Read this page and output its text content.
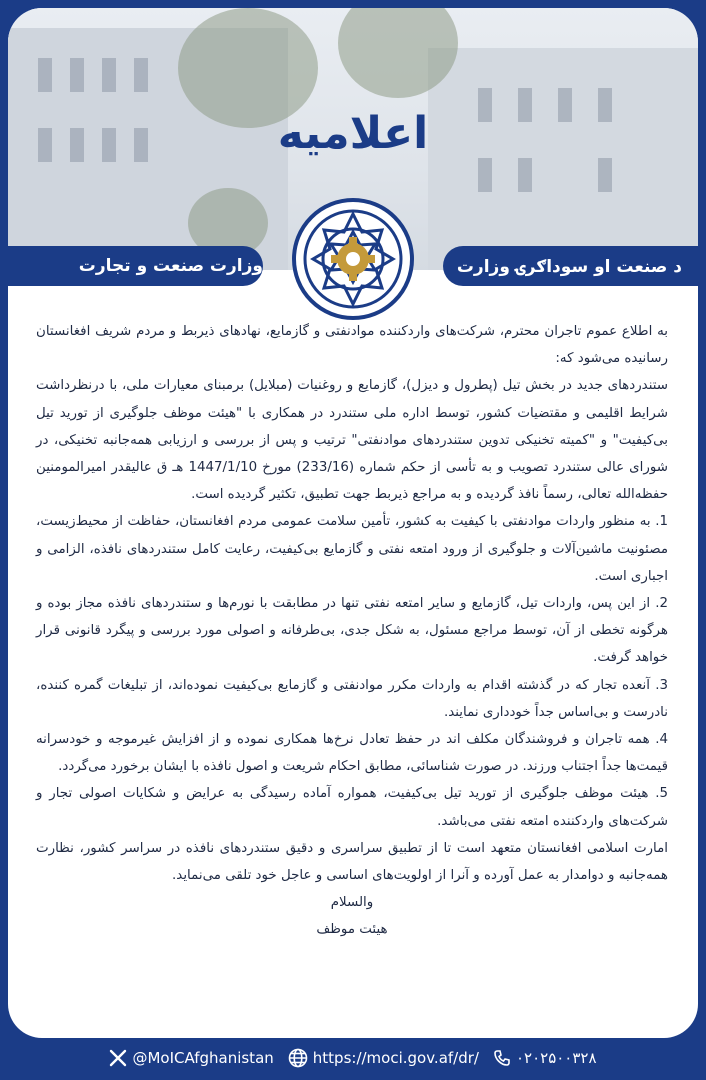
اعلامیه
د صنعت او سوداګرۍ وزارت
وزارت صنعت و تجارت

به اطلاع عموم تاجران محترم، شرکت‌های واردکننده موادنفتی و گازمایع، نهادهای ذیربط و مردم شریف افغانستان رسانیده می‌شود که:

ستندردهای جدید در بخش تیل (پطرول و دیزل)، گازمایع و روغنیات (مبلایل) برمبنای معیارات ملی، با درنظرداشت شرایط اقلیمی و مقتضیات کشور، توسط اداره ملی ستندرد در همکاری با "هیئت موظف جلوگیری از تورید تیل بی‌کیفیت" و "کمیته تخنیکی تدوین ستندردهای موادنفتی" ترتیب و پس از بررسی و ارزیابی همه‌جانبه تخنیکی، در شورای عالی ستندرد تصویب و به تأسی از حکم شماره (233/16) مورخ 1447/1/10 هـ ق عالیقدر امیرالمومنین حفظه‌الله تعالی، رسماً نافذ گردیده و به مراجع ذیربط جهت تطبیق، تکثیر گردیده است.

1. به منظور واردات موادنفتی با کیفیت به کشور، تأمین سلامت عمومی مردم افغانستان، حفاظت از محیط‌زیست، مصئونیت ماشین‌آلات و جلوگیری از ورود امتعه نفتی و گازمایع بی‌کیفیت، رعایت کامل ستندردهای نافذه، الزامی و اجباری است.

2. از این پس، واردات تیل، گازمایع و سایر امتعه نفتی تنها در مطابقت با نورم‌ها و ستندردهای نافذه مجاز بوده و هرگونه تخطی از آن، توسط مراجع مسئول، به شکل جدی، بی‌طرفانه و اصولی مورد بررسی و پیگرد قانونی قرار خواهد گرفت.

3. آنعده تجار که در گذشته اقدام به واردات مکرر موادنفتی و گازمایع بی‌کیفیت نموده‌اند، از تبلیغات گمره کننده، نادرست و بی‌اساس جداً خودداری نمایند.

4. همه تاجران و فروشندگان مکلف اند در حفظ تعادل نرخ‌ها همکاری نموده و از افزایش غیرموجه و خودسرانه قیمت‌ها جداً اجتناب ورزند. در صورت شناسائی، مطابق احکام شریعت و اصول نافذه با ایشان برخورد می‌گردد.

5. هیئت موظف جلوگیری از تورید تیل بی‌کیفیت، همواره آماده رسیدگی به عرایض و شکایات اصولی تجار و شرکت‌های واردکننده امتعه نفتی می‌باشد.

امارت اسلامی افغانستان متعهد است تا از تطبیق سراسری و دقیق ستندردهای نافذه در سراسر کشور، نظارت همه‌جانبه و دوامدار به عمل آورده و آنرا از اولویت‌های اساسی و عاجل خود تلقی می‌نماید.

والسلام

هیئت موظف

@MoICAfghanistan	https://moci.gov.af/dr/ ۰۲۰۲۵۰۰۳۲۸
